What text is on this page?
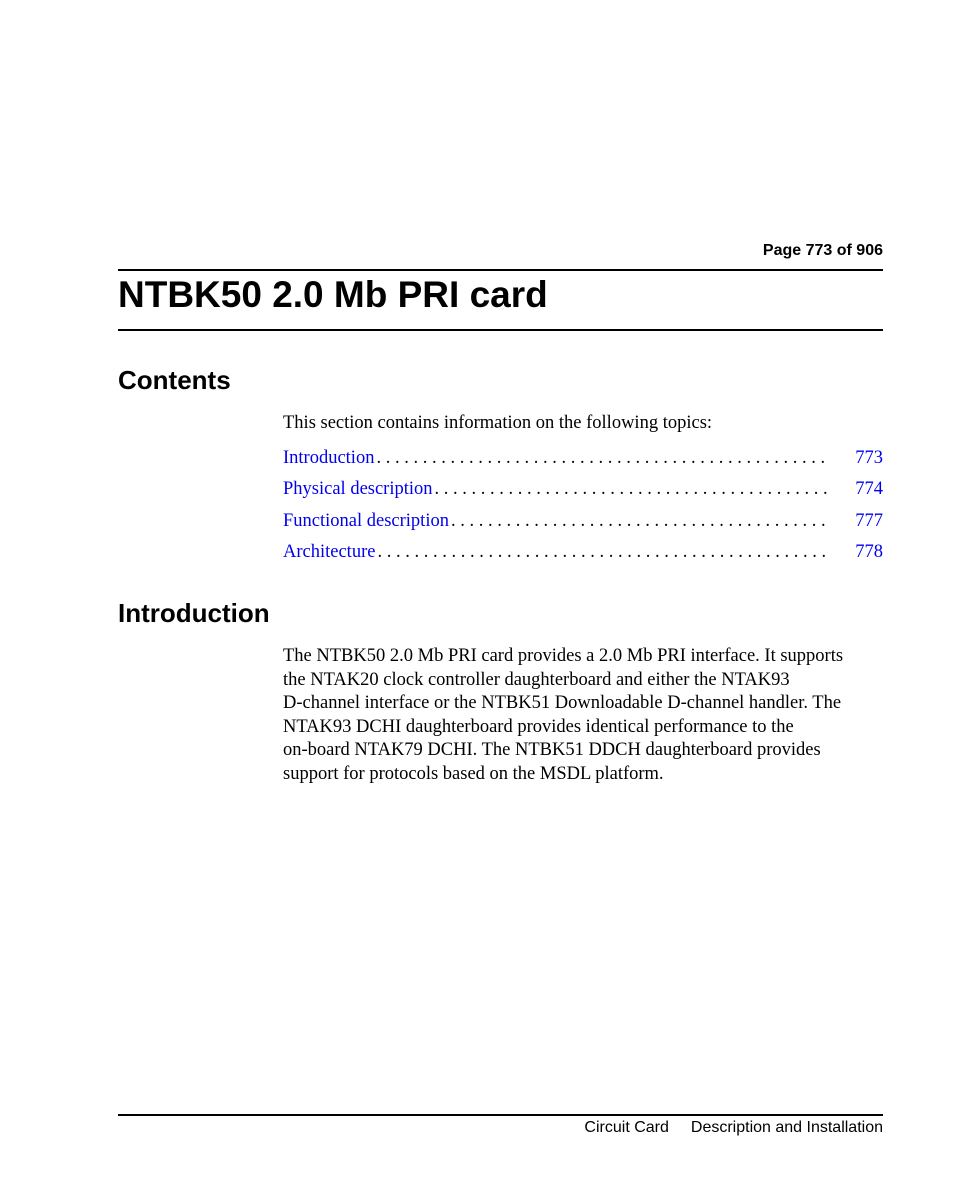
Page 773 of 906
NTBK50 2.0 Mb PRI card
Contents
This section contains information on the following topics:
Introduction . . .	773
Physical description . . .	774
Functional description . . .	777
Architecture . . .	778
Introduction

The NTBK50 2.0 Mb PRI card provides a 2.0 Mb PRI interface. It supports
the NTAK20 clock controller daughterboard and either the NTAK93
D-channel interface or the NTBK51 Downloadable D-channel handler. The
NTAK93 DCHI daughterboard provides identical performance to the
on-board NTAK79 DCHI. The NTBK51 DDCH daughterboard provides
support for protocols based on the MSDL platform.

Circuit Card Description and Installation
